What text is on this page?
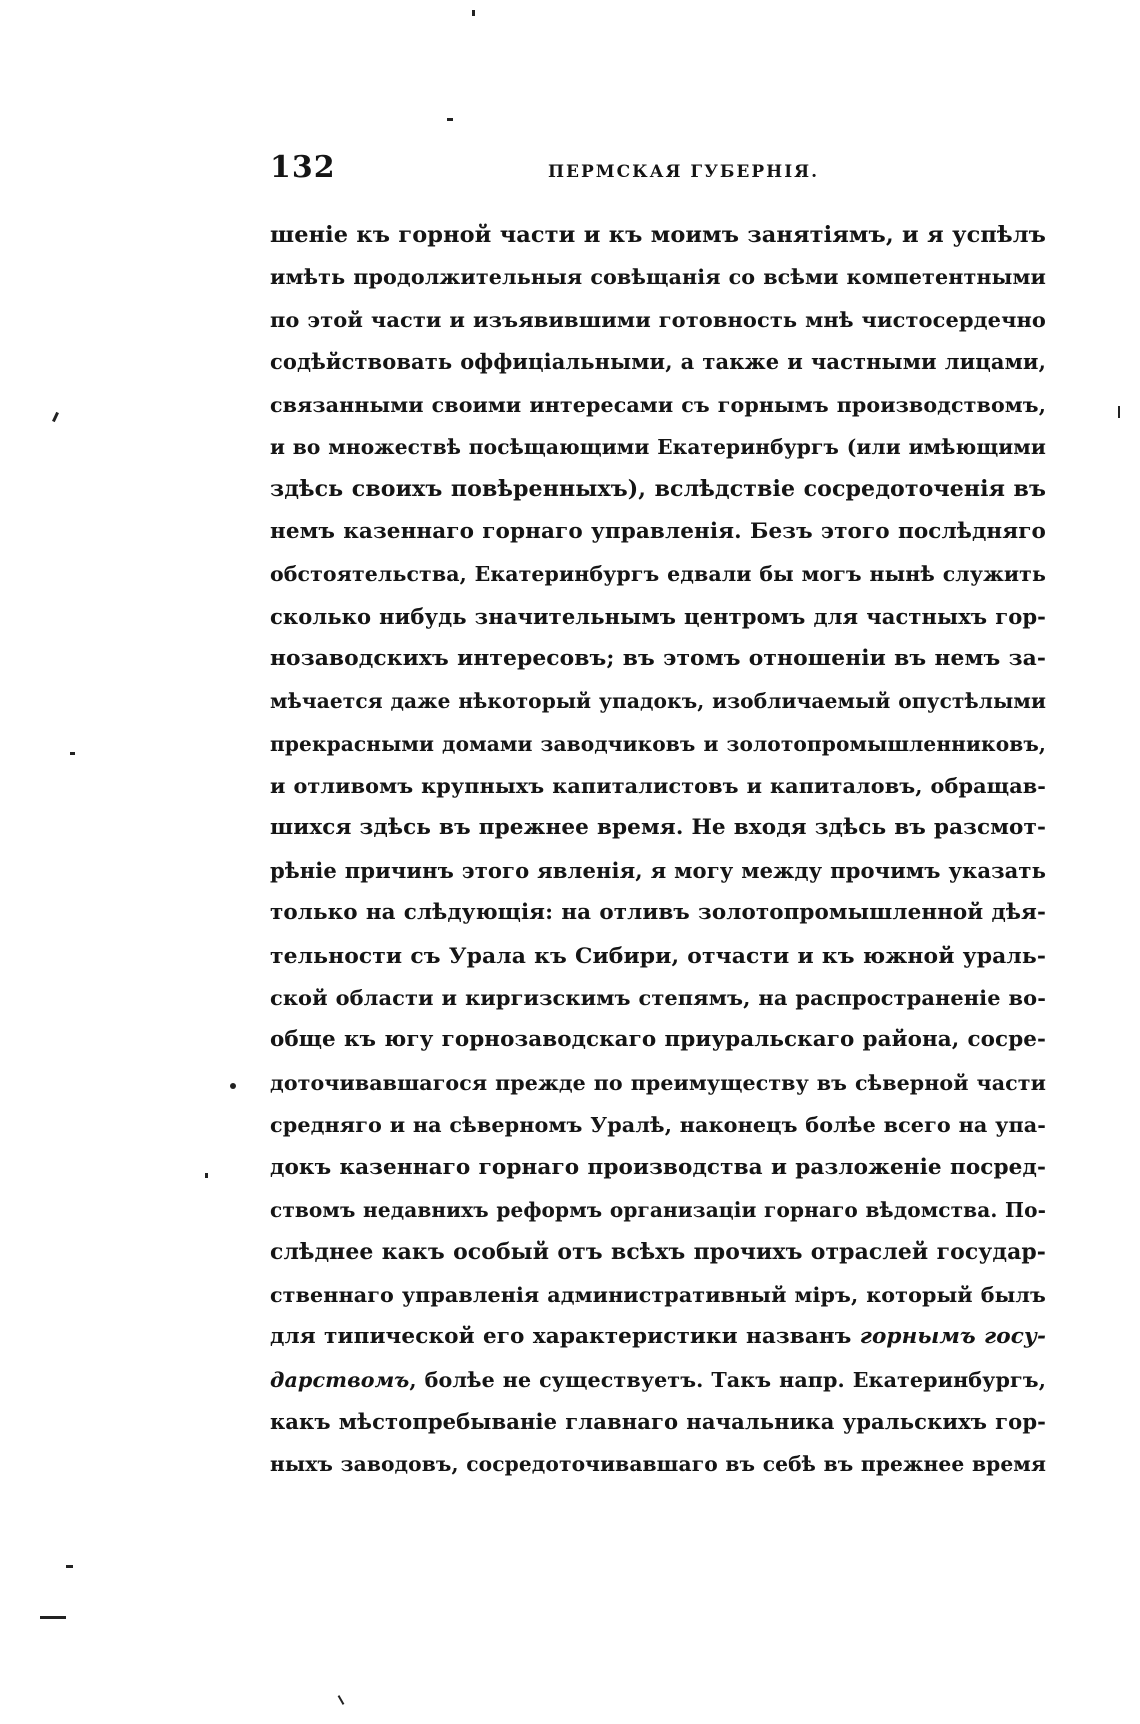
132	ПЕРМСКАЯ ГУБЕРНІЯ.
шеніе къ горной части и къ моимъ занятіямъ, и я успѣлъ
имѣть продолжительныя совѣщанія со всѣми компетентными
по этой части и изъявившими готовность мнѣ чистосердечно
содѣйствовать оффиціальными, а также и частными лицами,
связанными своими интересами съ горнымъ производствомъ,
и во множествѣ посѣщающими Екатеринбургъ (или имѣющими
здѣсь своихъ повѣренныхъ), вслѣдствіе сосредоточенія въ
немъ казеннаго горнаго управленія. Безъ этого послѣдняго
обстоятельства, Екатеринбургъ едвали бы могъ нынѣ служить
сколько нибудь значительнымъ центромъ для частныхъ гор-
нозаводскихъ интересовъ; въ этомъ отношеніи въ немъ за-
мѣчается даже нѣкоторый упадокъ, изобличаемый опустѣлыми
прекрасными домами заводчиковъ и золотопромышленниковъ,
и отливомъ крупныхъ капиталистовъ и капиталовъ, обращав-
шихся здѣсь въ прежнее время. Не входя здѣсь въ разсмот-
рѣніе причинъ этого явленія, я могу между прочимъ указать
только на слѣдующія: на отливъ золотопромышленной дѣя-
тельности съ Урала къ Сибири, отчасти и къ южной ураль-
ской области и киргизскимъ степямъ, на распространеніе во-
обще къ югу горнозаводскаго приуральскаго района, сосре-
доточивавшагося прежде по преимуществу въ сѣверной части
средняго и на сѣверномъ Уралѣ, наконецъ болѣе всего на упа-
докъ казеннаго горнаго производства и разложеніе посред-
ствомъ недавнихъ реформъ организаціи горнаго вѣдомства. По-
слѣднее какъ особый отъ всѣхъ прочихъ отраслей государ-
ственнаго управленія административный міръ, который былъ
для типической его характеристики названъ горнымъ госу-
дарствомъ, болѣе не существуетъ. Такъ напр. Екатеринбургъ,
какъ мѣстопребываніе главнаго начальника уральскихъ гор-
ныхъ заводовъ, сосредоточивавшаго въ себѣ въ прежнее время
